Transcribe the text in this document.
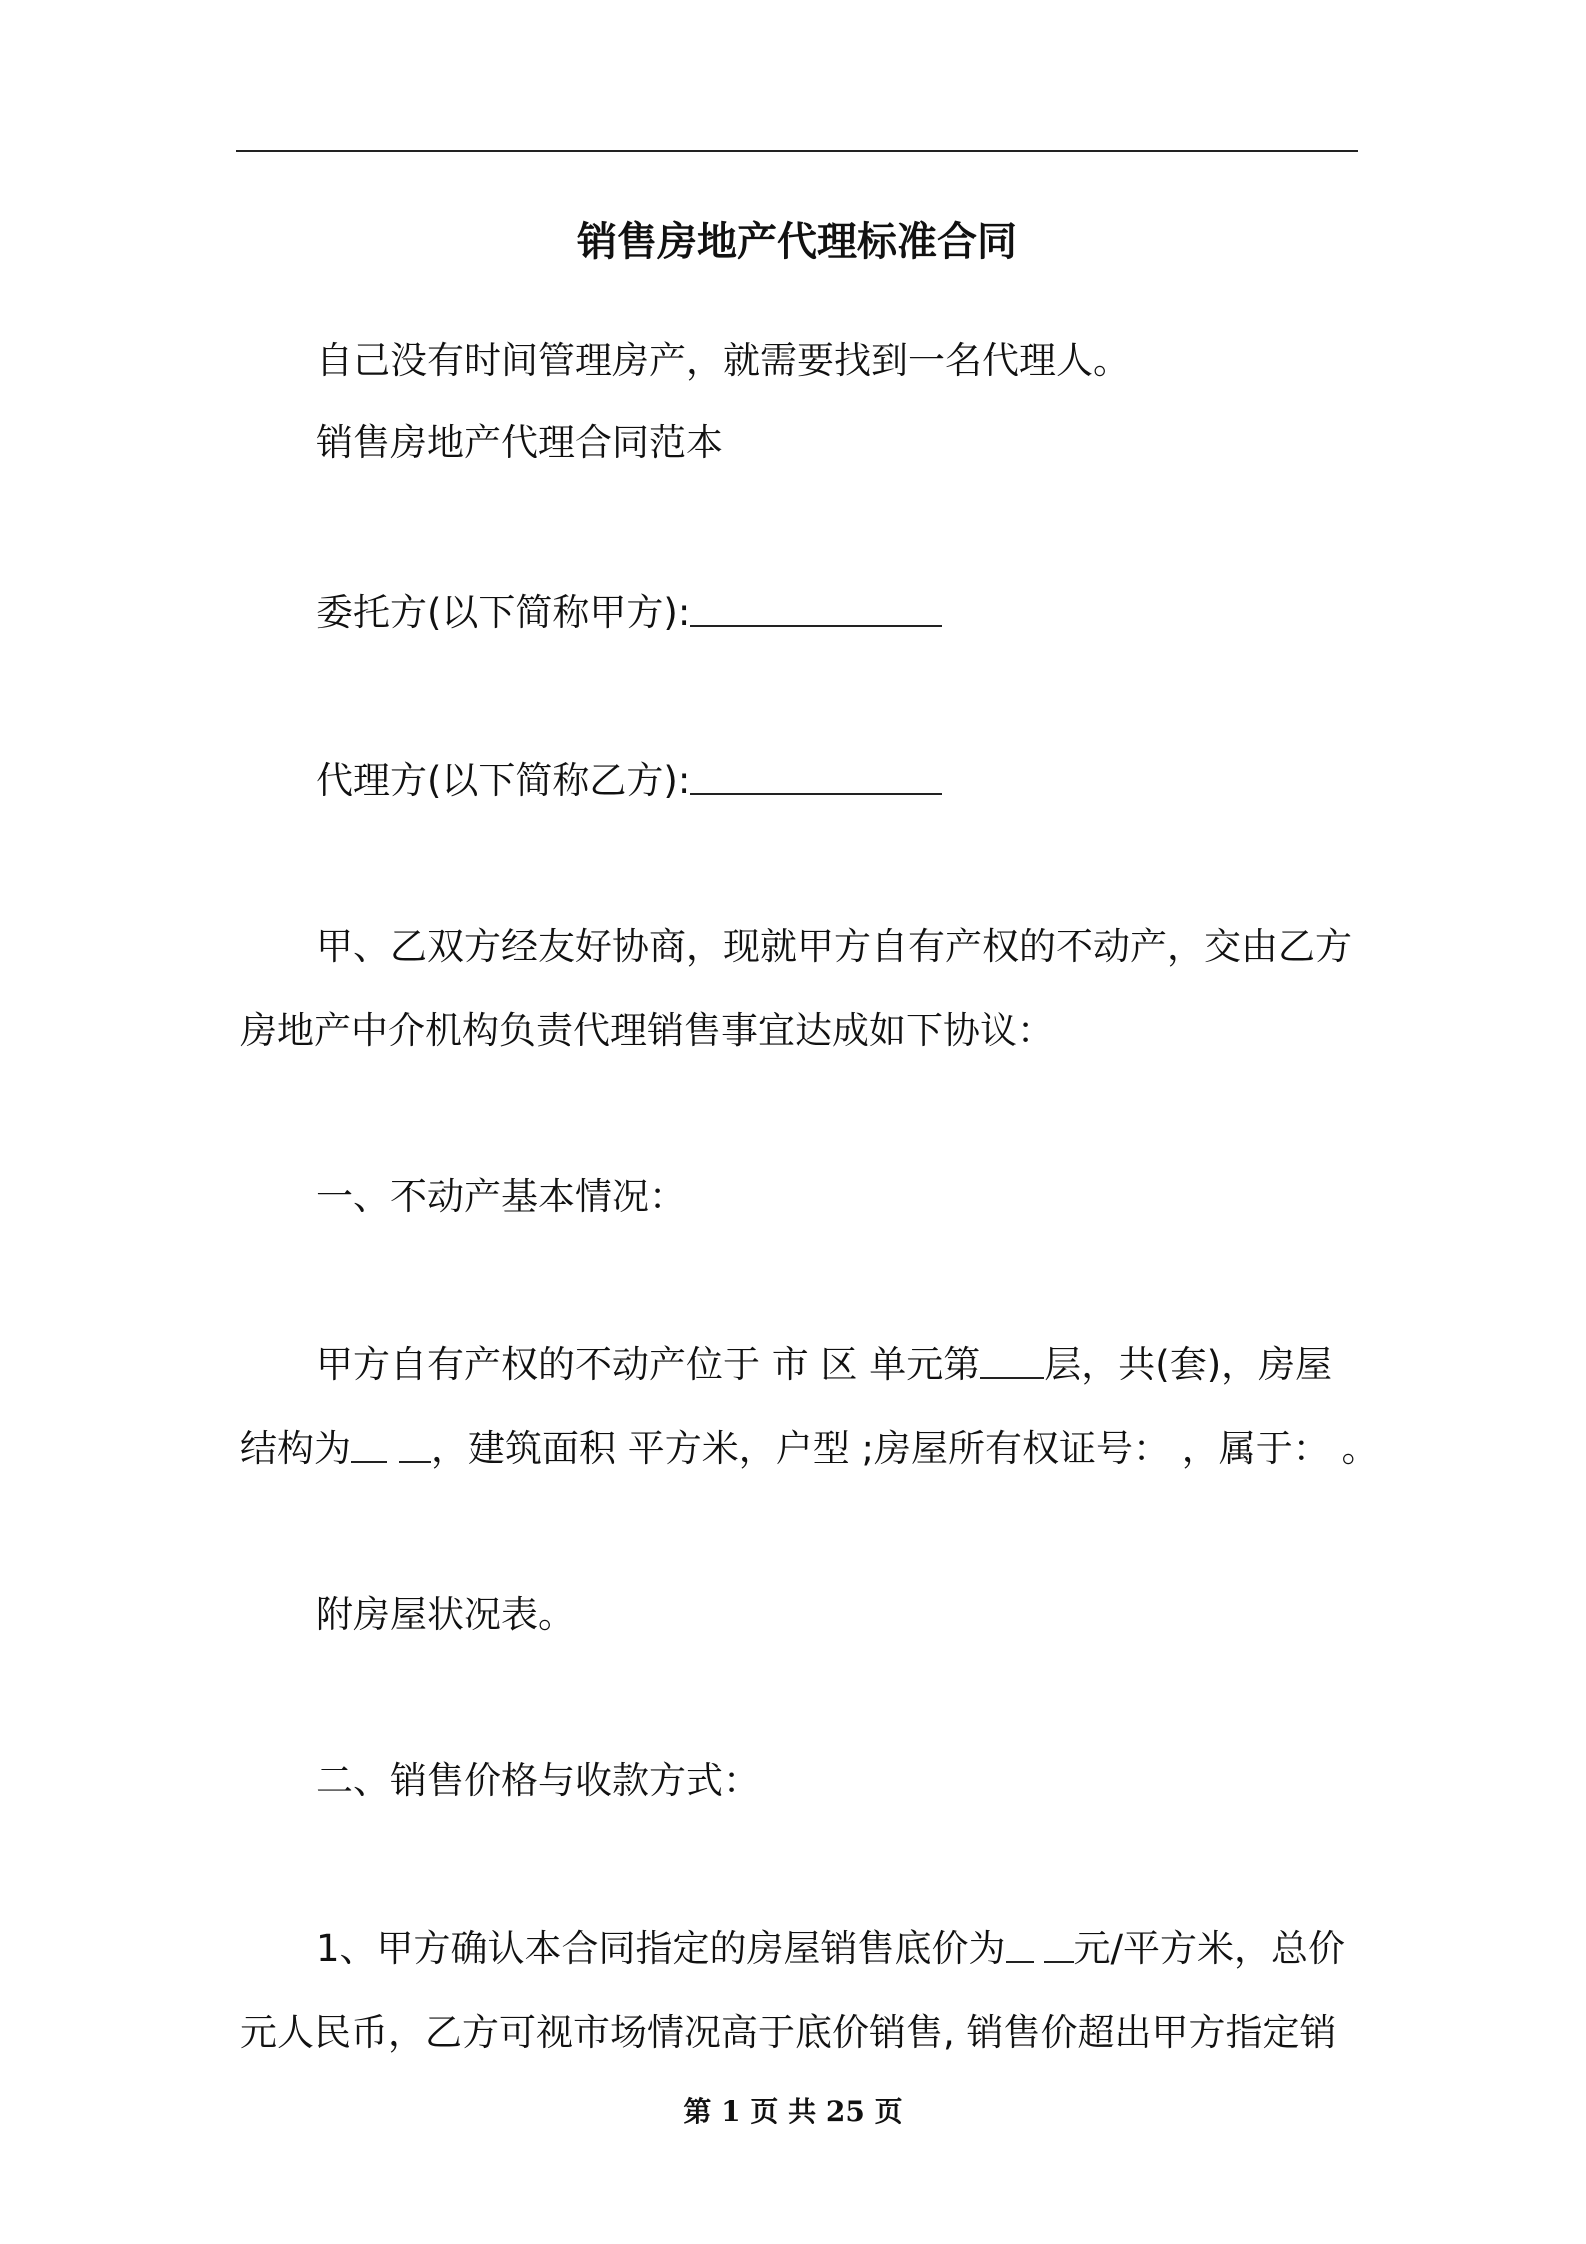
销售房地产代理标准合同
自己没有时间管理房产，就需要找到一名代理人。
销售房地产代理合同范本
委托方(以下简称甲方):
代理方(以下简称乙方):
甲、乙双方经友好协商，现就甲方自有产权的不动产，交由乙方
房地产中介机构负责代理销售事宜达成如下协议：
一、不动产基本情况：
甲方自有产权的不动产位于 市 区 单元第 层，共(套)，房屋
结构为 ，建筑面积 平方米，户型 ;房屋所有权证号： ，属于： 。
附房屋状况表。
二、销售价格与收款方式：
1、甲方确认本合同指定的房屋销售底价为 元/平方米，总价
元人民币，乙方可视市场情况高于底价销售, 销售价超出甲方指定销
第 1 页 共 25 页
